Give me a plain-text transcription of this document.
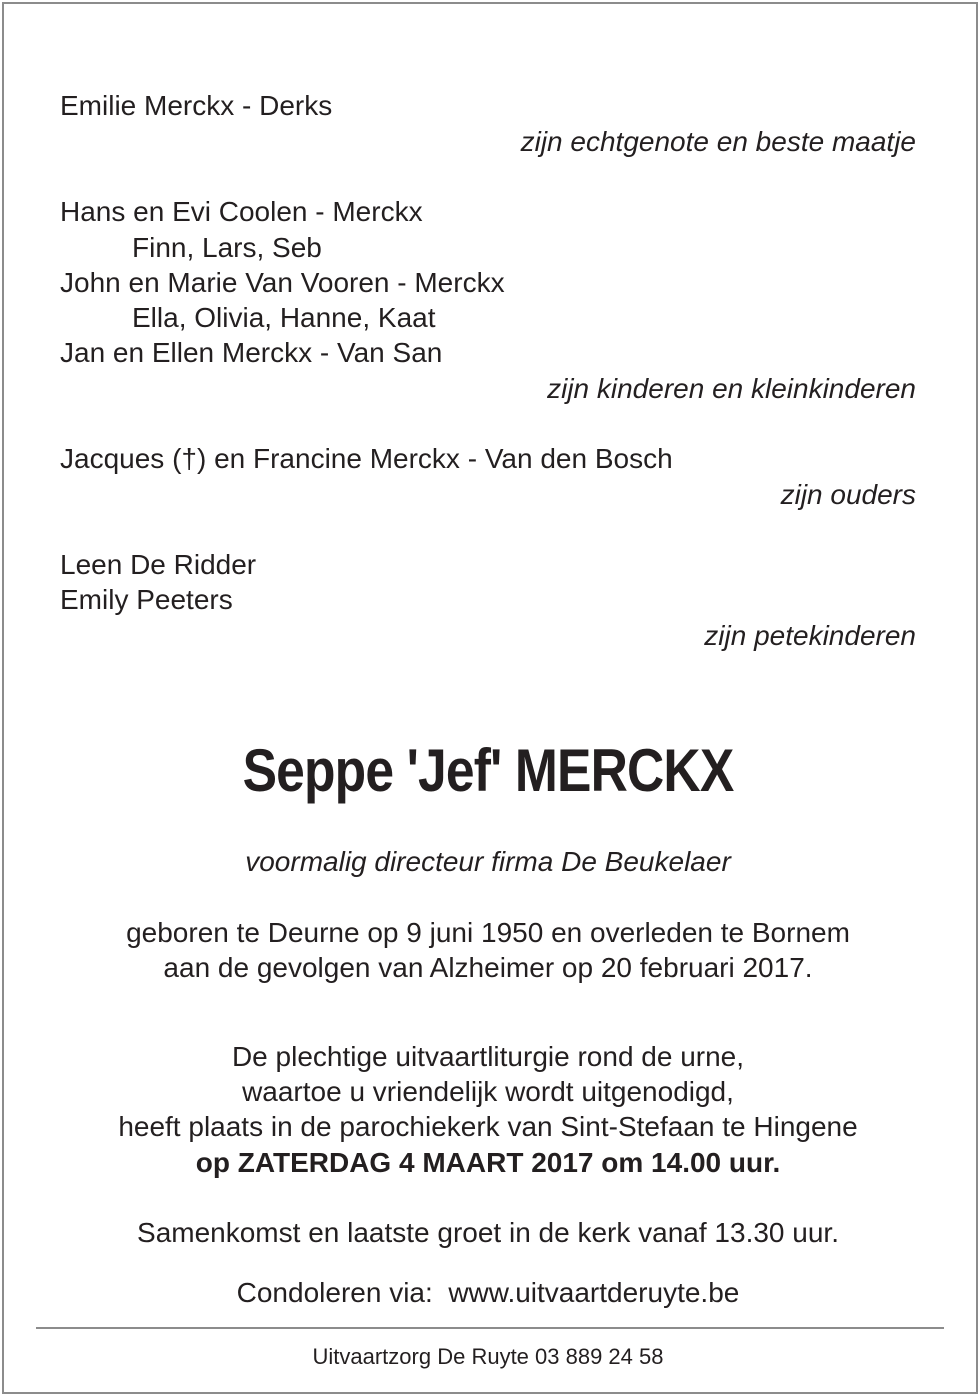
Emilie Merckx - Derks
zijn echtgenote en beste maatje
Hans en Evi Coolen - Merckx
Finn, Lars, Seb
John en Marie Van Vooren - Merckx
Ella, Olivia, Hanne, Kaat
Jan en Ellen Merckx - Van San
zijn kinderen en kleinkinderen
Jacques (†) en Francine Merckx - Van den Bosch
zijn ouders
Leen De Ridder
Emily Peeters
zijn petekinderen
Seppe 'Jef' MERCKX
voormalig directeur firma De Beukelaer
geboren te Deurne op 9 juni 1950 en overleden te Bornem
aan de gevolgen van Alzheimer op 20 februari 2017.
De plechtige uitvaartliturgie rond de urne,
waartoe u vriendelijk wordt uitgenodigd,
heeft plaats in de parochiekerk van Sint-Stefaan te Hingene
op ZATERDAG 4 MAART 2017 om 14.00 uur.
Samenkomst en laatste groet in de kerk vanaf 13.30 uur.
Condoleren via:  www.uitvaartderuyte.be
Uitvaartzorg De Ruyte 03 889 24 58
